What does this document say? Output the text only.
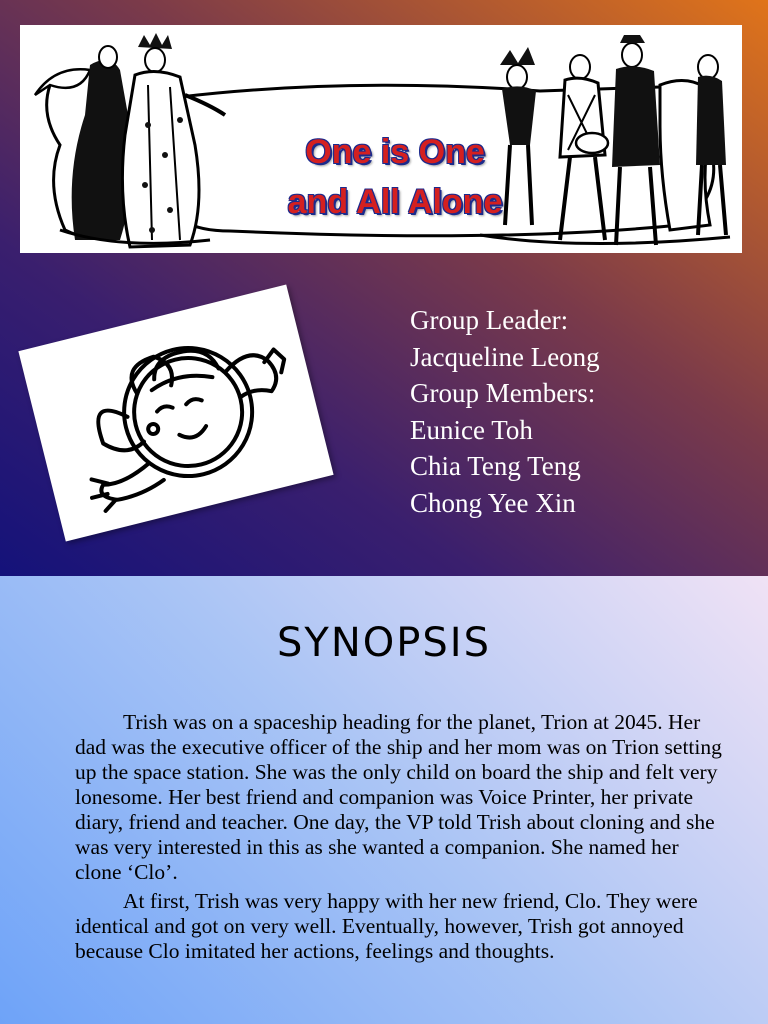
One is One
and All Alone
Group Leader:
Jacqueline Leong
Group Members:
Eunice Toh
Chia Teng Teng
Chong Yee Xin
SYNOPSIS

Trish was on a spaceship heading for the planet, Trion at 2045. Her dad was the executive officer of the ship and her mom was on Trion setting up the space station. She was the only child on board the ship and felt very lonesome. Her best friend and companion was Voice Printer, her private diary, friend and teacher. One day, the VP told Trish about cloning and she was very interested in this as she wanted a companion. She named her clone ‘Clo’.

At first, Trish was very happy with her new friend, Clo. They were identical and got on very well. Eventually, however, Trish got annoyed because Clo imitated her actions, feelings and thoughts.
